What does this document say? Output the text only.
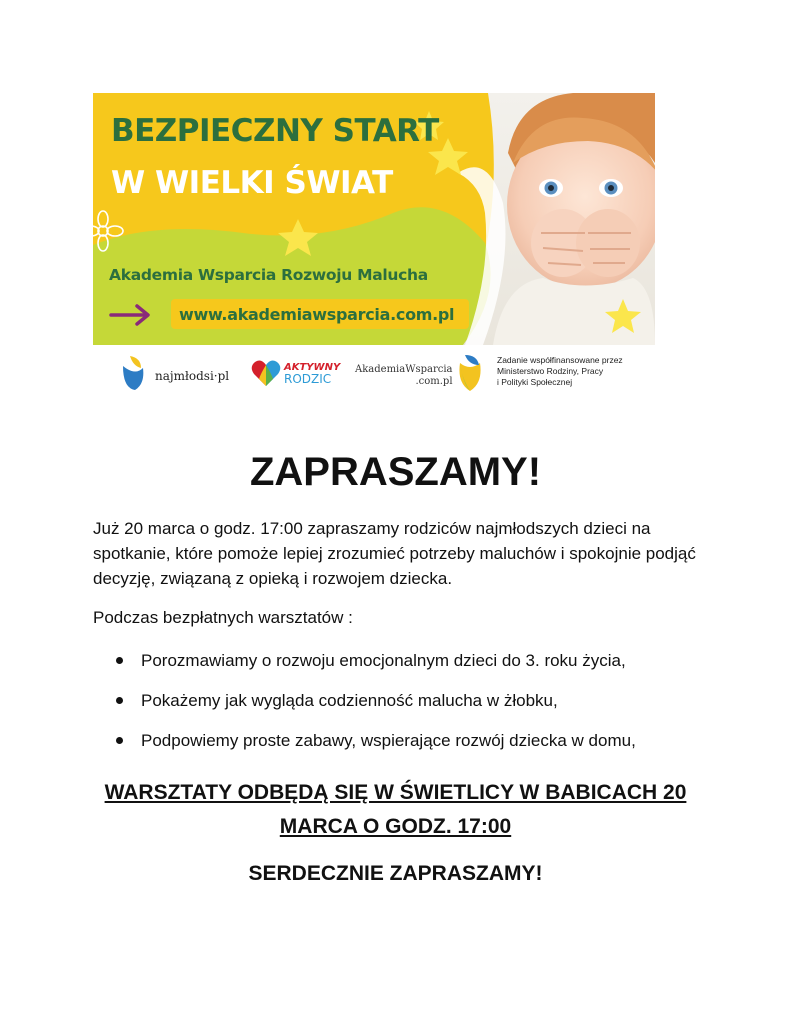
BEZPIECZNY START
W WIELKI ŚWIAT
Akademia Wsparcia Rozwoju Malucha
www.akademiawsparcia.com.pl
najmłodsi·pl
AKTYWNY
RODZIC
AkademiaWsparcia
.com.pl
Zadanie współfinansowane przez
Ministerstwo Rodziny, Pracy
i Polityki Społecznej
ZAPRASZAMY!

Już 20 marca o godz. 17:00 zapraszamy rodziców najmłodszych dzieci na spotkanie, które pomoże lepiej zrozumieć potrzeby maluchów i spokojnie podjąć decyzję, związaną z opieką i rozwojem dziecka.

Podczas bezpłatnych warsztatów :

Porozmawiamy o rozwoju emocjonalnym dzieci do 3. roku życia,
Pokażemy jak wygląda codzienność malucha w żłobku,
Podpowiemy proste zabawy, wspierające rozwój dziecka w domu,

WARSZTATY ODBĘDĄ SIĘ W ŚWIETLICY W BABICACH 20
MARCA O GODZ. 17:00

SERDECZNIE ZAPRASZAMY!
